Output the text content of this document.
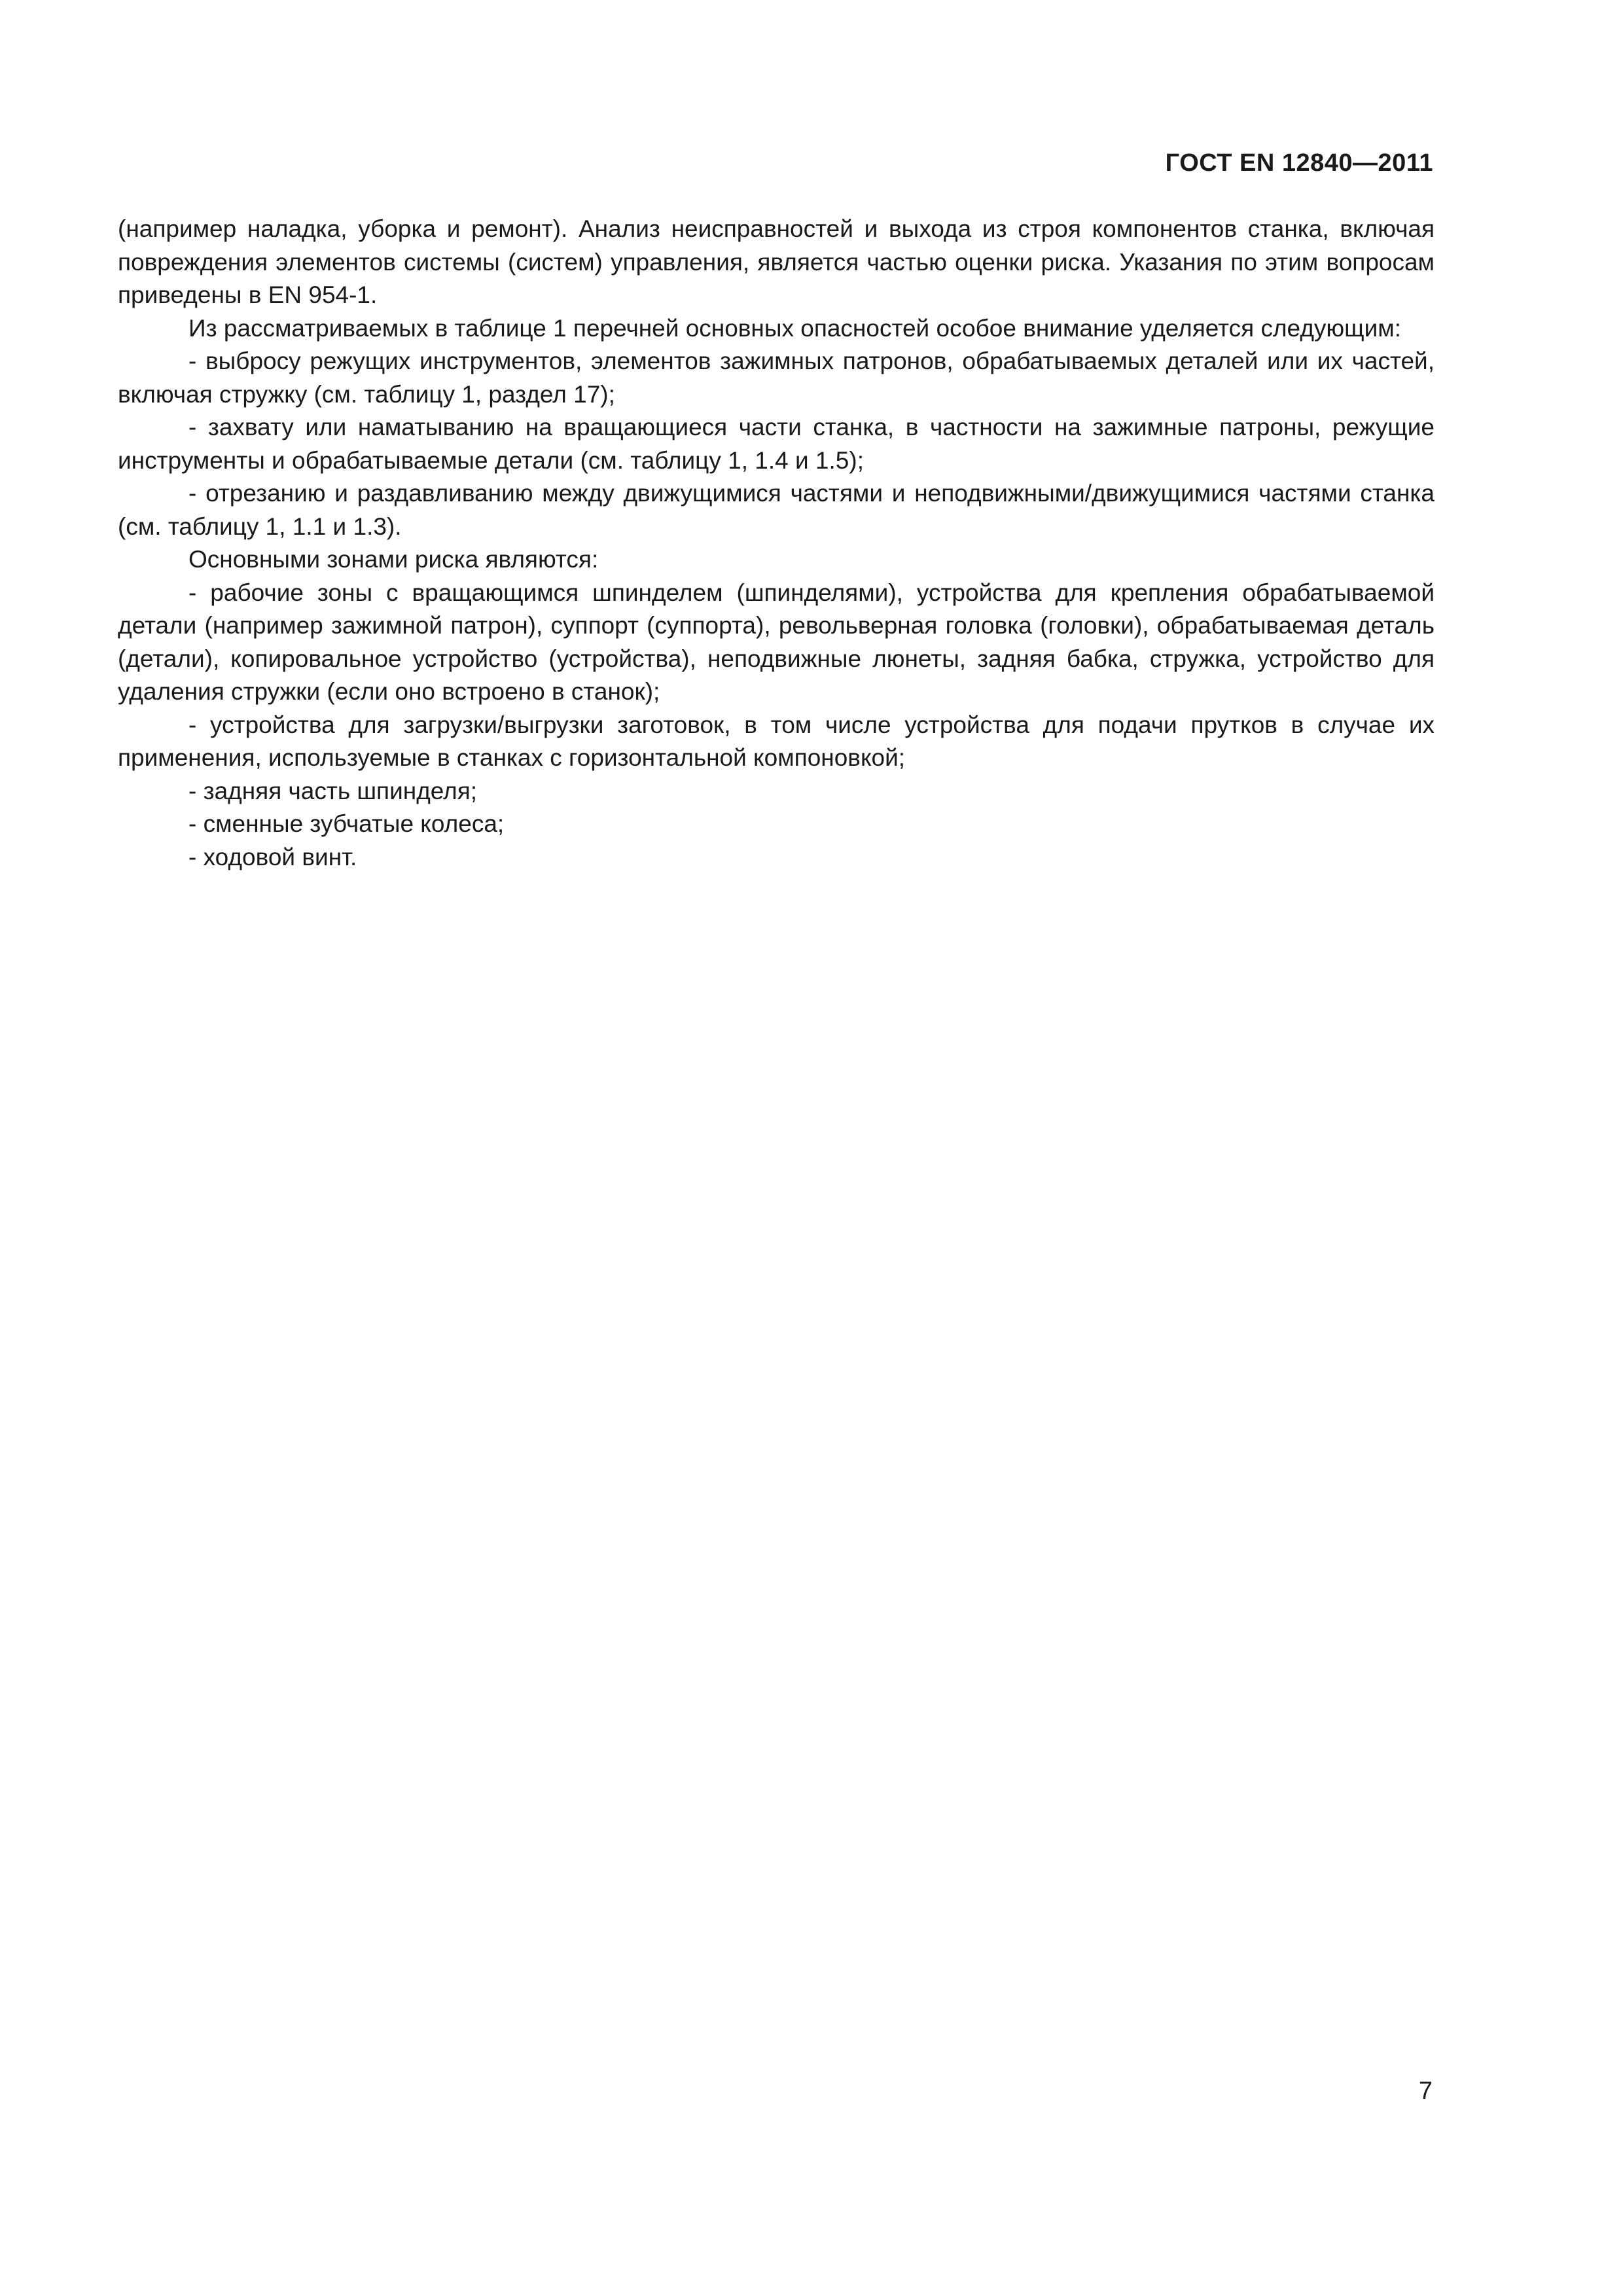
ГОСТ EN 12840—2011

(например наладка, уборка и ремонт). Анализ неисправностей и выхода из строя компонентов станка, включая повреждения элементов системы (систем) управления, является частью оценки риска. Указания по этим вопросам приведены в EN 954-1.

Из рассматриваемых в таблице 1 перечней основных опасностей особое внимание уделяется следующим:

- выбросу режущих инструментов, элементов зажимных патронов, обрабатываемых деталей или их частей, включая стружку (см. таблицу 1, раздел 17);

- захвату или наматыванию на вращающиеся части станка, в частности на зажимные патроны, режущие инструменты и обрабатываемые детали (см. таблицу 1, 1.4 и 1.5);

- отрезанию и раздавливанию между движущимися частями и неподвижными/движущимися частями станка (см. таблицу 1, 1.1 и 1.3).

Основными зонами риска являются:

- рабочие зоны с вращающимся шпинделем (шпинделями), устройства для крепления обрабатываемой детали (например зажимной патрон), суппорт (суппорта), револьверная головка (головки), обрабатываемая деталь (детали), копировальное устройство (устройства), неподвижные люнеты, задняя бабка, стружка, устройство для удаления стружки (если оно встроено в станок);

- устройства для загрузки/выгрузки заготовок, в том числе устройства для подачи прутков в случае их применения, используемые в станках с горизонтальной компоновкой;

- задняя часть шпинделя;

- сменные зубчатые колеса;

- ходовой винт.

7
